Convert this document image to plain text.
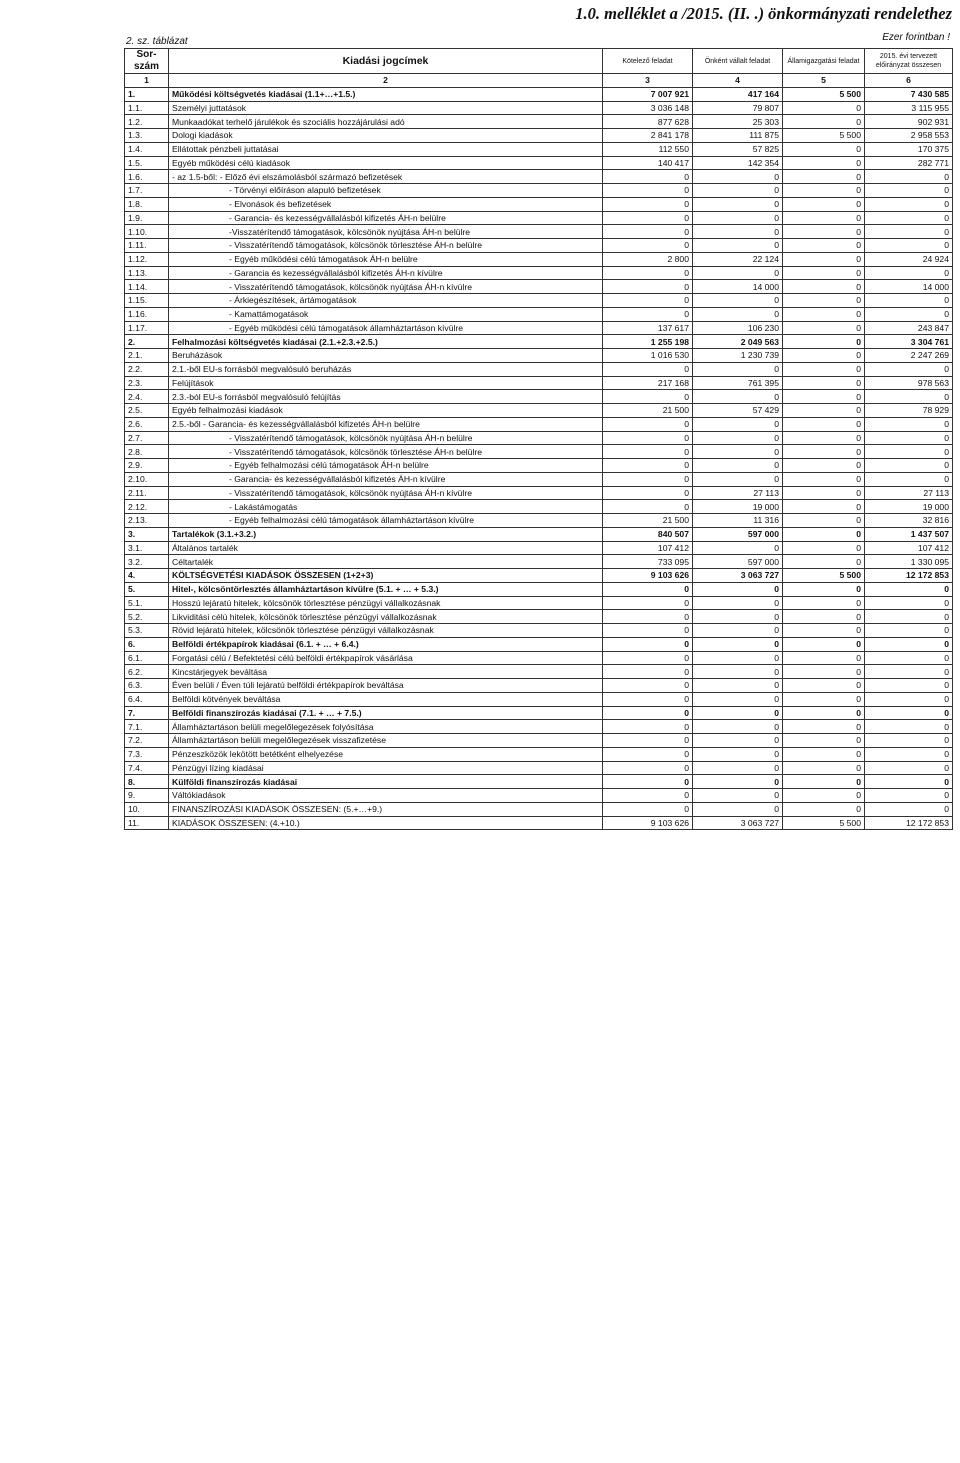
1.0. melléklet a /2015. (II. .) önkormányzati rendelethez
2. sz. táblázat	Ezer forintban !
Sor-szám	Kiadási jogcímek	Kötelező feladat	Önként vállalt feladat	Államigazgatási feladat	2015. évi tervezett előirányzat összesen
1	2	3	4	5	6
1.	Működési költségvetés kiadásai (1.1+…+1.5.)	7 007 921	417 164	5 500	7 430 585
1.1.	Személyi juttatások	3 036 148	79 807	0	3 115 955
1.2.	Munkaadókat terhelő járulékok és szociális hozzájárulási adó	877 628	25 303	0	902 931
1.3.	Dologi kiadások	2 841 178	111 875	5 500	2 958 553
1.4.	Ellátottak pénzbeli juttatásai	112 550	57 825	0	170 375
1.5.	Egyéb működési célú kiadások	140 417	142 354	0	282 771
1.6.	- az 1.5-ből: - Előző évi elszámolásból származó befizetések	0	0	0	0
1.7.	- Törvényi előíráson alapuló befizetések	0	0	0	0
1.8.	- Elvonások és befizetések	0	0	0	0
1.9.	- Garancia- és kezességvállalásból kifizetés ÁH-n belülre	0	0	0	0
1.10.	-Visszatérítendő támogatások, kölcsönök nyújtása ÁH-n belülre	0	0	0	0
1.11.	- Visszatérítendő támogatások, kölcsönök törlesztése ÁH-n belülre	0	0	0	0
1.12.	- Egyéb működési célú támogatások ÁH-n belülre	2 800	22 124	0	24 924
1.13.	- Garancia és kezességvállalásból kifizetés ÁH-n kívülre	0	0	0	0
1.14.	- Visszatérítendő támogatások, kölcsönök nyújtása ÁH-n kívülre	0	14 000	0	14 000
1.15.	- Árkiegészítések, ártámogatások	0	0	0	0
1.16.	- Kamattámogatások	0	0	0	0
1.17.	- Egyéb működési célú támogatások államháztartáson kívülre	137 617	106 230	0	243 847
2.	Felhalmozási költségvetés kiadásai (2.1.+2.3.+2.5.)	1 255 198	2 049 563	0	3 304 761
2.1.	Beruházások	1 016 530	1 230 739	0	2 247 269
2.2.	2.1.-ből EU-s forrásból megvalósuló beruházás	0	0	0	0
2.3.	Felújítások	217 168	761 395	0	978 563
2.4.	2.3.-ból EU-s forrásból megvalósuló felújítás	0	0	0	0
2.5.	Egyéb felhalmozási kiadások	21 500	57 429	0	78 929
2.6.	2.5.-ből - Garancia- és kezességvállalásból kifizetés ÁH-n belülre	0	0	0	0
2.7.	- Visszatérítendő támogatások, kölcsönök nyújtása ÁH-n belülre	0	0	0	0
2.8.	- Visszatérítendő támogatások, kölcsönök törlesztése ÁH-n belülre	0	0	0	0
2.9.	- Egyéb felhalmozási célú támogatások ÁH-n belülre	0	0	0	0
2.10.	- Garancia- és kezességvállalásból kifizetés ÁH-n kívülre	0	0	0	0
2.11.	- Visszatérítendő támogatások, kölcsönök nyújtása ÁH-n kívülre	0	27 113	0	27 113
2.12.	- Lakástámogatás	0	19 000	0	19 000
2.13.	- Egyéb felhalmozási célú támogatások államháztartáson kívülre	21 500	11 316	0	32 816
3.	Tartalékok (3.1.+3.2.)	840 507	597 000	0	1 437 507
3.1.	Általános tartalék	107 412	0	0	107 412
3.2.	Céltartalék	733 095	597 000	0	1 330 095
4.	KÖLTSÉGVETÉSI KIADÁSOK ÖSSZESEN (1+2+3)	9 103 626	3 063 727	5 500	12 172 853
5.	Hitel-, kölcsöntörlesztés államháztartáson kívülre (5.1. + … + 5.3.)	0	0	0	0
5.1.	Hosszú lejáratú hitelek, kölcsönök törlesztése pénzügyi vállalkozásnak	0	0	0	0
5.2.	Likviditási célú hitelek, kölcsönök törlesztése pénzügyi vállalkozásnak	0	0	0	0
5.3.	Rövid lejáratú hitelek, kölcsönök törlesztése pénzügyi vállalkozásnak	0	0	0	0
6.	Belföldi értékpapírok kiadásai (6.1. + … + 6.4.)	0	0	0	0
6.1.	Forgatási célú / Befektetési célú belföldi értékpapírok vásárlása	0	0	0	0
6.2.	Kincstárjegyek beváltása	0	0	0	0
6.3.	Éven belüli / Éven túli lejáratú belföldi értékpapírok beváltása	0	0	0	0
6.4.	Belföldi kötvények beváltása	0	0	0	0
7.	Belföldi finanszírozás kiadásai (7.1. + … + 7.5.)	0	0	0	0
7.1.	Államháztartáson belüli megelőlegezések folyósítása	0	0	0	0
7.2.	Államháztartáson belüli megelőlegezések visszafizetése	0	0	0	0
7.3.	Pénzeszközök lekötött betétként elhelyezése	0	0	0	0
7.4.	Pénzügyi lízing kiadásai	0	0	0	0
8.	Külföldi finanszírozás kiadásai	0	0	0	0
9.	Váltókiadások	0	0	0	0
10.	FINANSZÍROZÁSI KIADÁSOK ÖSSZESEN: (5.+…+9.)	0	0	0	0
11.	KIADÁSOK ÖSSZESEN: (4.+10.)	9 103 626	3 063 727	5 500	12 172 853
